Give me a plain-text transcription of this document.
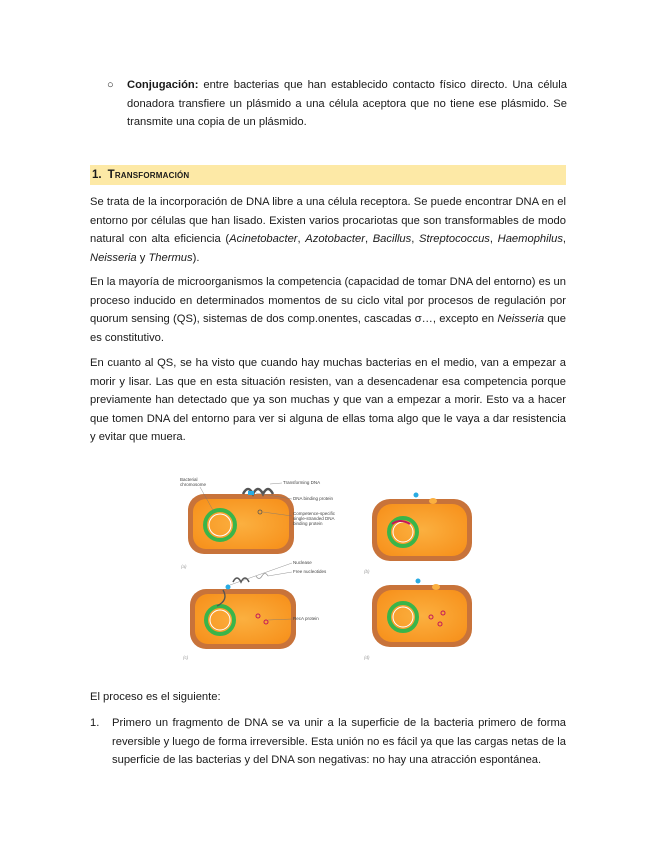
○ Conjugación: entre bacterias que han establecido contacto físico directo. Una célula donadora transfiere un plásmido a una célula aceptora que no tiene ese plásmido. Se transmite una copia de un plásmido.
1. Transformación
Se trata de la incorporación de DNA libre a una célula receptora. Se puede encontrar DNA en el entorno por células que han lisado. Existen varios procariotas que son transformables de modo natural con alta eficiencia (Acinetobacter, Azotobacter, Bacillus, Streptococcus, Haemophilus, Neisseria y Thermus).
En la mayoría de microorganismos la competencia (capacidad de tomar DNA del entorno) es un proceso inducido en determinados momentos de su ciclo vital por procesos de regulación por quorum sensing (QS), sistemas de dos comp.onentes, cascadas σ…, excepto en Neisseria que es constitutivo.
En cuanto al QS, se ha visto que cuando hay muchas bacterias en el medio, van a empezar a morir y lisar. Las que en esta situación resisten, van a desencadenar esa competencia porque previamente han detectado que ya son muchas y que van a empezar a morir. Esto va a hacer que tomen DNA del entorno para ver si alguna de ellas toma algo que le vaya a dar resistencia y evitar que muera.
Bacterial
chromosome	Transforming DNA
DNA binding protein
Competence-specific
single-stranded DNA
binding protein
(a)
(b)
Nuclease
Free nucleotides
RecA protein
(c)	(d)
El proceso es el siguiente:
1. Primero un fragmento de DNA se va unir a la superficie de la bacteria primero de forma reversible y luego de forma irreversible. Esta unión no es fácil ya que las cargas netas de la superficie de las bacterias y del DNA son negativas: no hay una atracción espontánea.
